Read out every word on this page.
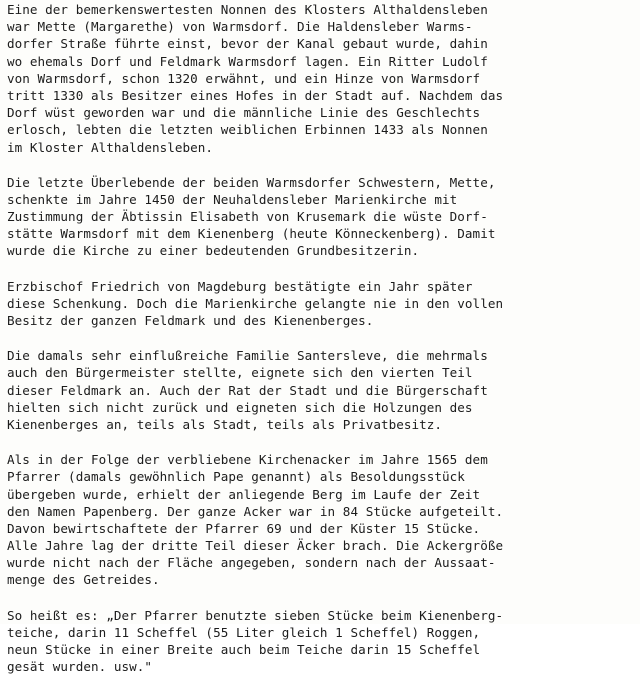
Eine der bemerkenswertesten Nonnen des Klosters Althaldensleben
war Mette (Margarethe) von Warmsdorf. Die Haldensleber Warms-
dorfer Straße führte einst, bevor der Kanal gebaut wurde, dahin
wo ehemals Dorf und Feldmark Warmsdorf lagen. Ein Ritter Ludolf
von Warmsdorf, schon 1320 erwähnt, und ein Hinze von Warmsdorf
tritt 1330 als Besitzer eines Hofes in der Stadt auf. Nachdem das
Dorf wüst geworden war und die männliche Linie des Geschlechts
erlosch, lebten die letzten weiblichen Erbinnen 1433 als Nonnen
im Kloster Althaldensleben.
Die letzte Überlebende der beiden Warmsdorfer Schwestern, Mette,
schenkte im Jahre 1450 der Neuhaldensleber Marienkirche mit
Zustimmung der Äbtissin Elisabeth von Krusemark die wüste Dorf-
stätte Warmsdorf mit dem Kienenberg (heute Könneckenberg). Damit
wurde die Kirche zu einer bedeutenden Grundbesitzerin.
Erzbischof Friedrich von Magdeburg bestätigte ein Jahr später
diese Schenkung. Doch die Marienkirche gelangte nie in den vollen
Besitz der ganzen Feldmark und des Kienenberges.
Die damals sehr einflußreiche Familie Santersleve, die mehrmals
auch den Bürgermeister stellte, eignete sich den vierten Teil
dieser Feldmark an. Auch der Rat der Stadt und die Bürgerschaft
hielten sich nicht zurück und eigneten sich die Holzungen des
Kienenberges an, teils als Stadt, teils als Privatbesitz.
Als in der Folge der verbliebene Kirchenacker im Jahre 1565 dem
Pfarrer (damals gewöhnlich Pape genannt) als Besoldungsstück
übergeben wurde, erhielt der anliegende Berg im Laufe der Zeit
den Namen Papenberg. Der ganze Acker war in 84 Stücke aufgeteilt.
Davon bewirtschaftete der Pfarrer 69 und der Küster 15 Stücke.
Alle Jahre lag der dritte Teil dieser Äcker brach. Die Ackergröße
wurde nicht nach der Fläche angegeben, sondern nach der Aussaat-
menge des Getreides.
So heißt es: „Der Pfarrer benutzte sieben Stücke beim Kienenberg-
teiche, darin 11 Scheffel (55 Liter gleich 1 Scheffel) Roggen,
neun Stücke in einer Breite auch beim Teiche darin 15 Scheffel
gesät wurden. usw."
